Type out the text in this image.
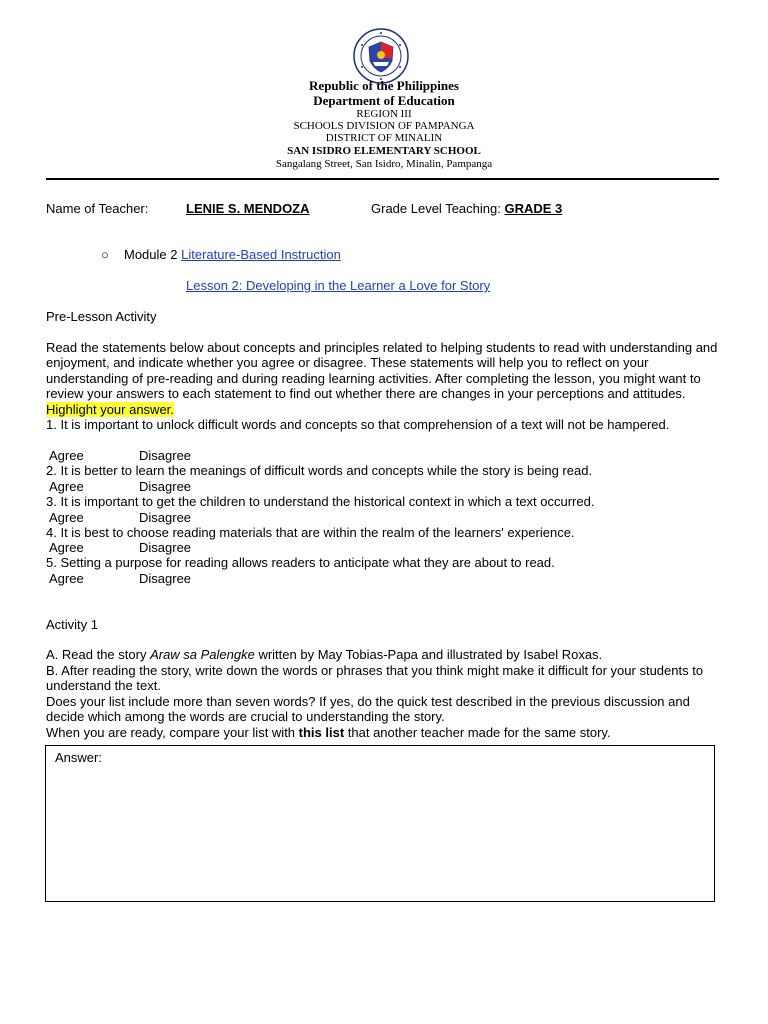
Republic of the Philippines
Department of Education
REGION III
SCHOOLS DIVISION OF PAMPANGA
DISTRICT OF MINALIN
SAN ISIDRO ELEMENTARY SCHOOL
Sangalang Street, San Isidro, Minalin, Pampanga
Name of Teacher:	LENIE S. MENDOZA	Grade Level Teaching: GRADE 3
○ Module 2 Literature-Based Instruction
Lesson 2: Developing in the Learner a Love for Story
Pre-Lesson Activity
Read the statements below about concepts and principles related to helping students to read with understanding and enjoyment, and indicate whether you agree or disagree. These statements will help you to reflect on your understanding of pre-reading and during reading learning activities. After completing the lesson, you might want to review your answers to each statement to find out whether there are changes in your perceptions and attitudes. Highlight your answer.
1. It is important to unlock difficult words and concepts so that comprehension of a text will not be hampered.
Agree	Disagree
2. It is better to learn the meanings of difficult words and concepts while the story is being read.
Agree	Disagree
3. It is important to get the children to understand the historical context in which a text occurred.
Agree	Disagree
4. It is best to choose reading materials that are within the realm of the learners' experience.
Agree	Disagree
5. Setting a purpose for reading allows readers to anticipate what they are about to read.
Agree	Disagree
Activity 1
A. Read the story Araw sa Palengke written by May Tobias-Papa and illustrated by Isabel Roxas.
B. After reading the story, write down the words or phrases that you think might make it difficult for your students to understand the text.
Does your list include more than seven words? If yes, do the quick test described in the previous discussion and decide which among the words are crucial to understanding the story.
When you are ready, compare your list with this list that another teacher made for the same story.
Answer:
